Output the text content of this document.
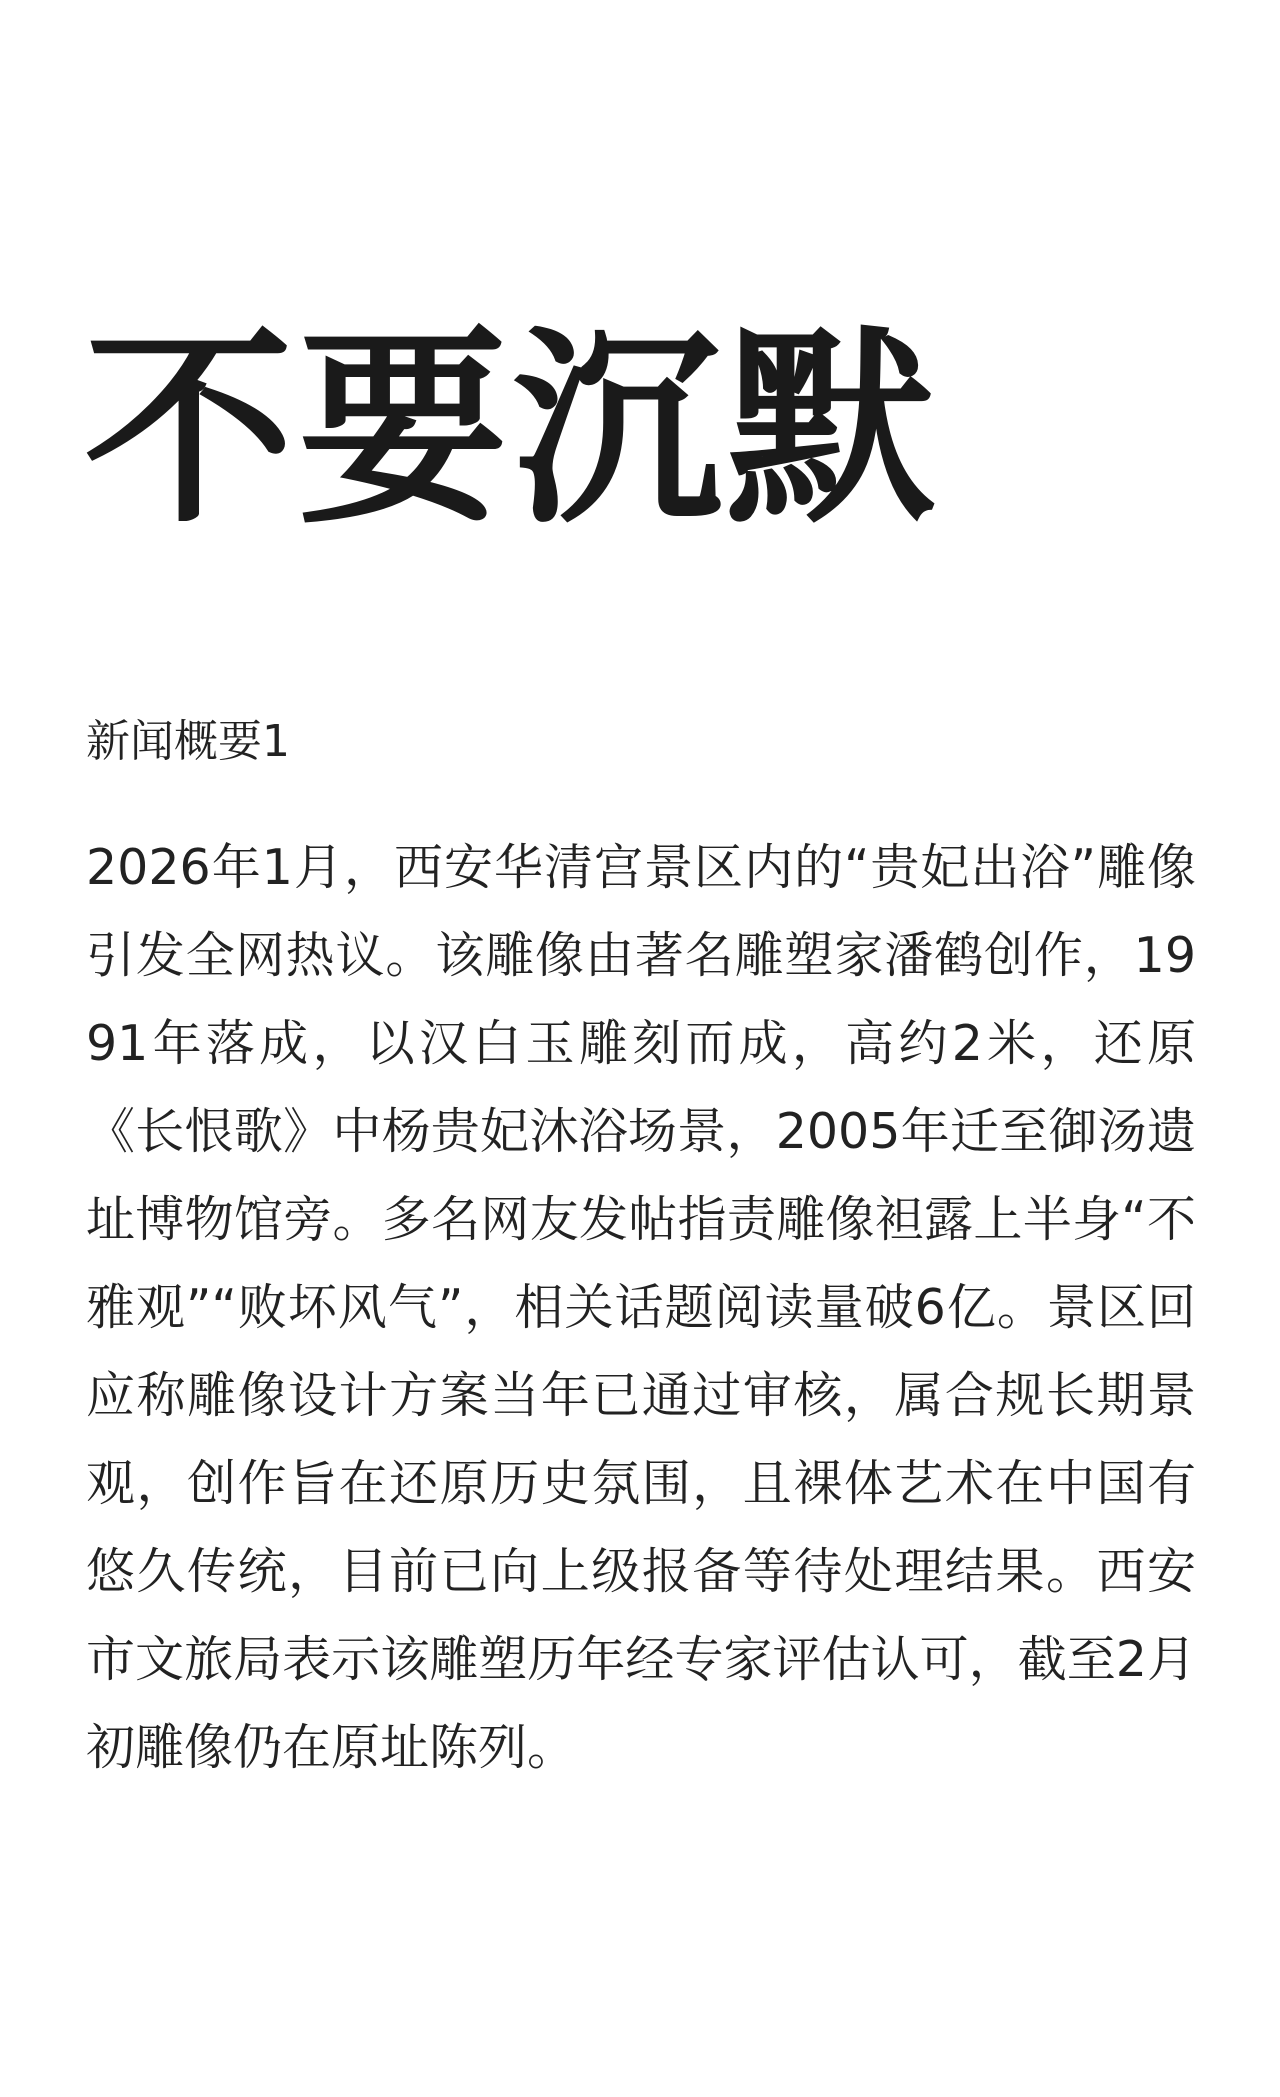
不要沉默
新闻概要1

2026年1月，西安华清宫景区内的“贵妃出浴”雕像引发全网热议。该雕像由著名雕塑家潘鹤创作，1991年落成，以汉白玉雕刻而成，高约2米，还原《长恨歌》中杨贵妃沐浴场景，2005年迁至御汤遗址博物馆旁。多名网友发帖指责雕像袒露上半身“不雅观”“败坏风气”，相关话题阅读量破6亿。景区回应称雕像设计方案当年已通过审核，属合规长期景观，创作旨在还原历史氛围，且裸体艺术在中国有悠久传统，目前已向上级报备等待处理结果。西安市文旅局表示该雕塑历年经专家评估认可，截至2月初雕像仍在原址陈列。
